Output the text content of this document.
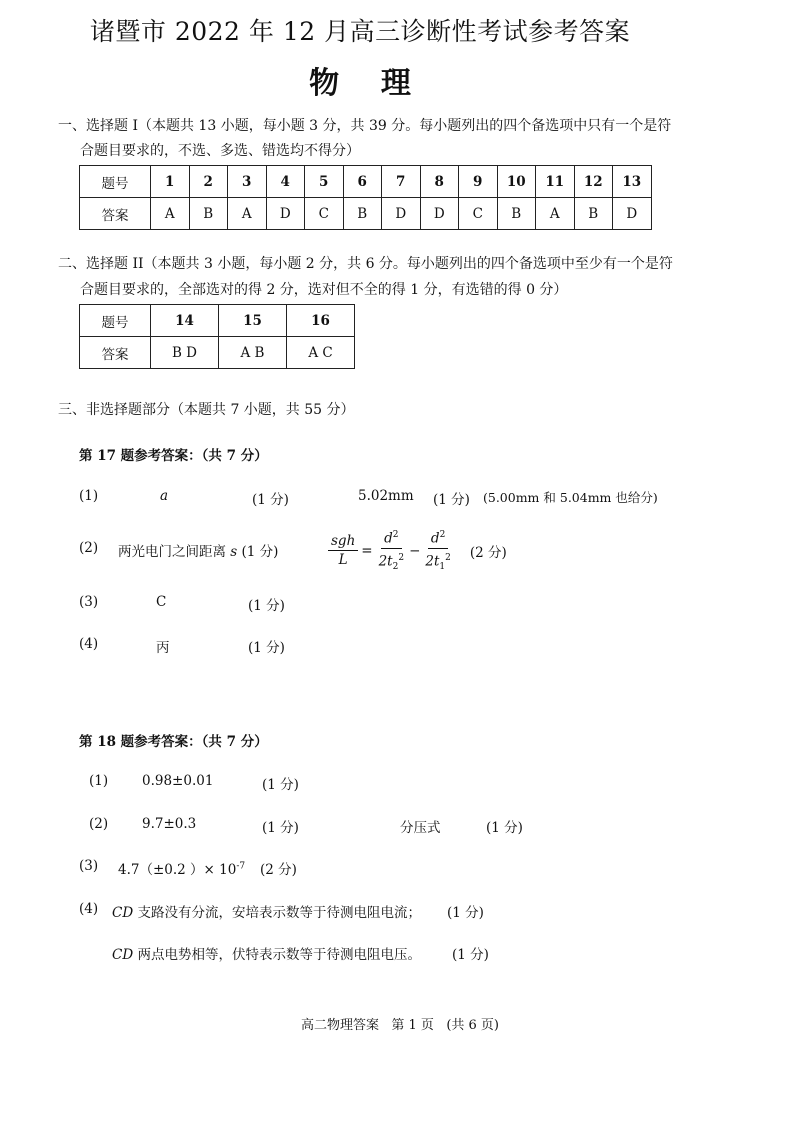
诸暨市 2022 年 12 月高三诊断性考试参考答案
物    理
一、选择题 I（本题共 13 小题，每小题 3 分，共 39 分。每小题列出的四个备选项中只有一个是符
合题目要求的，不选、多选、错选均不得分）
题号	1	2	3	4	5	6	7	8	9	10	11	12	13
答案	A	B	A	D	C	B	D	D	C	B	A	B	D
二、选择题 II（本题共 3 小题，每小题 2 分，共 6 分。每小题列出的四个备选项中至少有一个是符
合题目要求的，全部选对的得 2 分，选对但不全的得 1 分，有选错的得 0 分）
题号	14	15	16
答案	B D	A B	A C
三、非选择题部分（本题共 7 小题，共 55 分）
第 17 题参考答案：（共 7 分）
(1)	a	(1 分)	5.02mm (1 分) (5.00mm 和 5.04mm 也给分)
(2) 两光电门之间距离 s (1 分)	$\frac{\text{sgh}}{L} = \frac{d^2}{2t_2^2} - \frac{d^2}{2t_1^2} (2$ 分)
(3)	C	(1 分)
(4)	丙	(1 分)
第 18 题参考答案：（共 7 分）
(1)	0.98±0.01	(1 分)
(2)	9.7±0.3	(1 分)	分压式	(1 分)
(3) 4.7（±0.2 ）× $10^{-7}$ (2 分)
(4) CD 支路没有分流，安培表示数等于待测电阻电流； (1 分)
CD 两点电势相等，伏特表示数等于待测电阻电压。 (1 分)
高二物理答案   第 1 页   (共 6 页)
